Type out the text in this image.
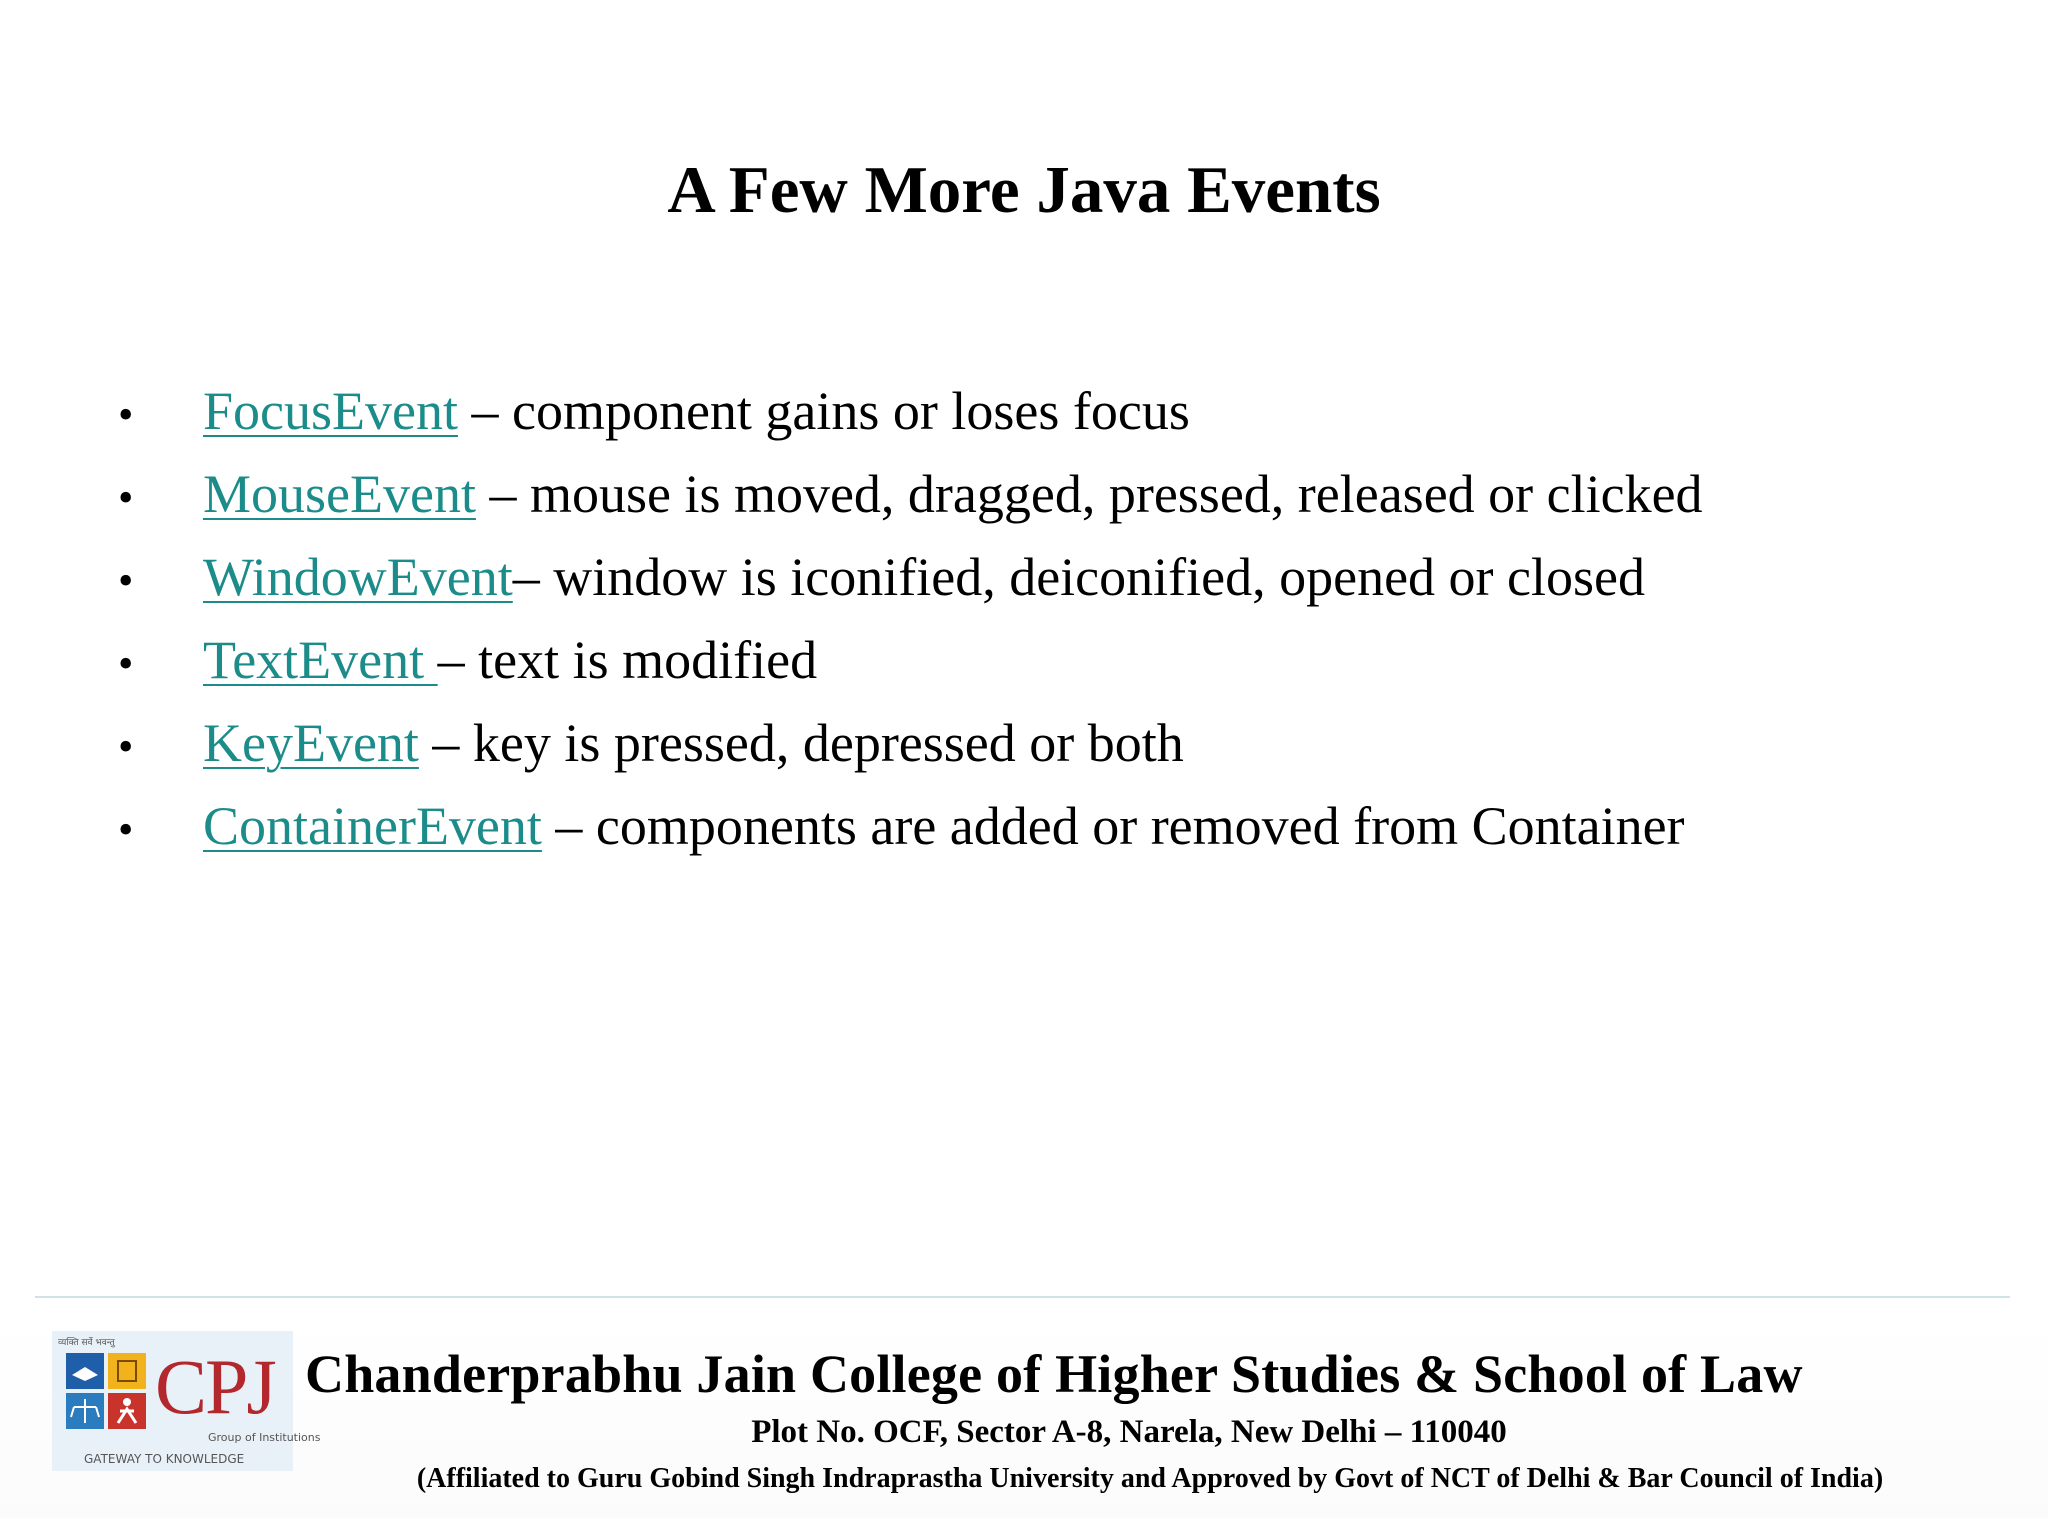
A Few More Java Events
•	FocusEvent – component gains or loses focus
•	MouseEvent – mouse is moved, dragged, pressed, released or clicked
•	WindowEvent– window is iconified, deiconified, opened or closed
•	TextEvent – text is modified
•	KeyEvent – key is pressed, depressed or both
•	ContainerEvent – components are added or removed from Container
व्यक्ति सर्वे भवन्तु CPJ
Group of Institutions
GATEWAY TO KNOWLEDGE
Chanderprabhu Jain College of Higher Studies & School of Law
Plot No. OCF, Sector A-8, Narela, New Delhi – 110040
(Affiliated to Guru Gobind Singh Indraprastha University and Approved by Govt of NCT of Delhi & Bar Council of India)
